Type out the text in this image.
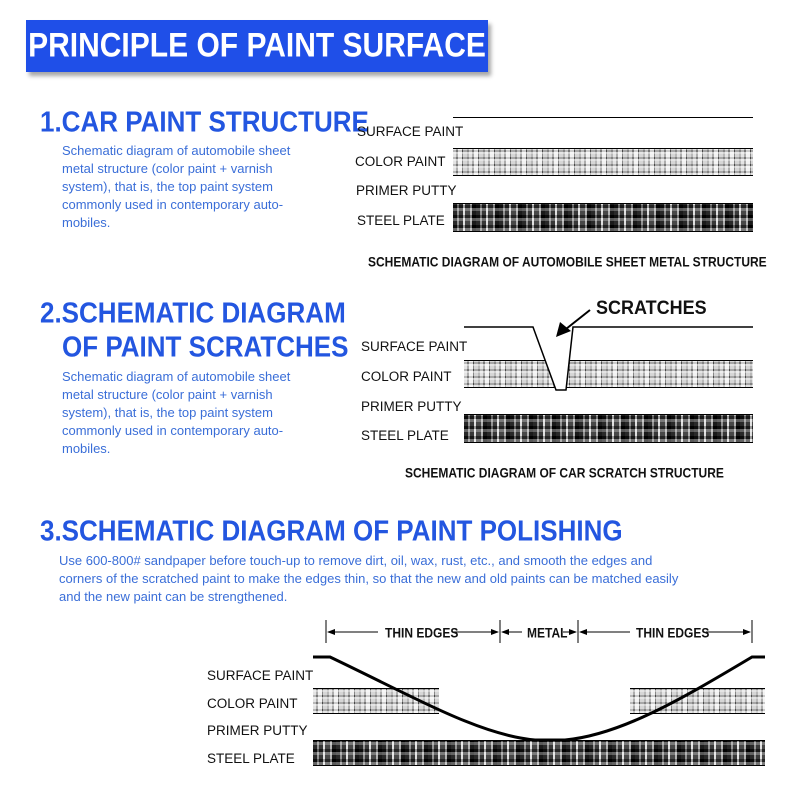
PRINCIPLE OF PAINT SURFACE
1.CAR PAINT STRUCTURE
Schematic diagram of automobile sheet
metal structure (color paint + varnish
system), that is, the top paint system
commonly used in contemporary auto-
mobiles.
SURFACE PAINT
COLOR PAINT
PRIMER PUTTY
STEEL PLATE
SCHEMATIC DIAGRAM OF AUTOMOBILE SHEET METAL STRUCTURE
2.SCHEMATIC DIAGRAM
OF PAINT SCRATCHES
Schematic diagram of automobile sheet
metal structure (color paint + varnish
system), that is, the top paint system
commonly used in contemporary auto-
mobiles.
SCRATCHES
SURFACE PAINT
COLOR PAINT
PRIMER PUTTY
STEEL PLATE
SCHEMATIC DIAGRAM OF CAR SCRATCH STRUCTURE
3.SCHEMATIC DIAGRAM OF PAINT POLISHING
Use 600-800# sandpaper before touch-up to remove dirt, oil, wax, rust, etc., and smooth the edges and
corners of the scratched paint to make the edges thin, so that the new and old paints can be matched easily
and the new paint can be strengthened.
THIN EDGES	METAL	THIN EDGES
SURFACE PAINT
COLOR PAINT
PRIMER PUTTY
STEEL PLATE
